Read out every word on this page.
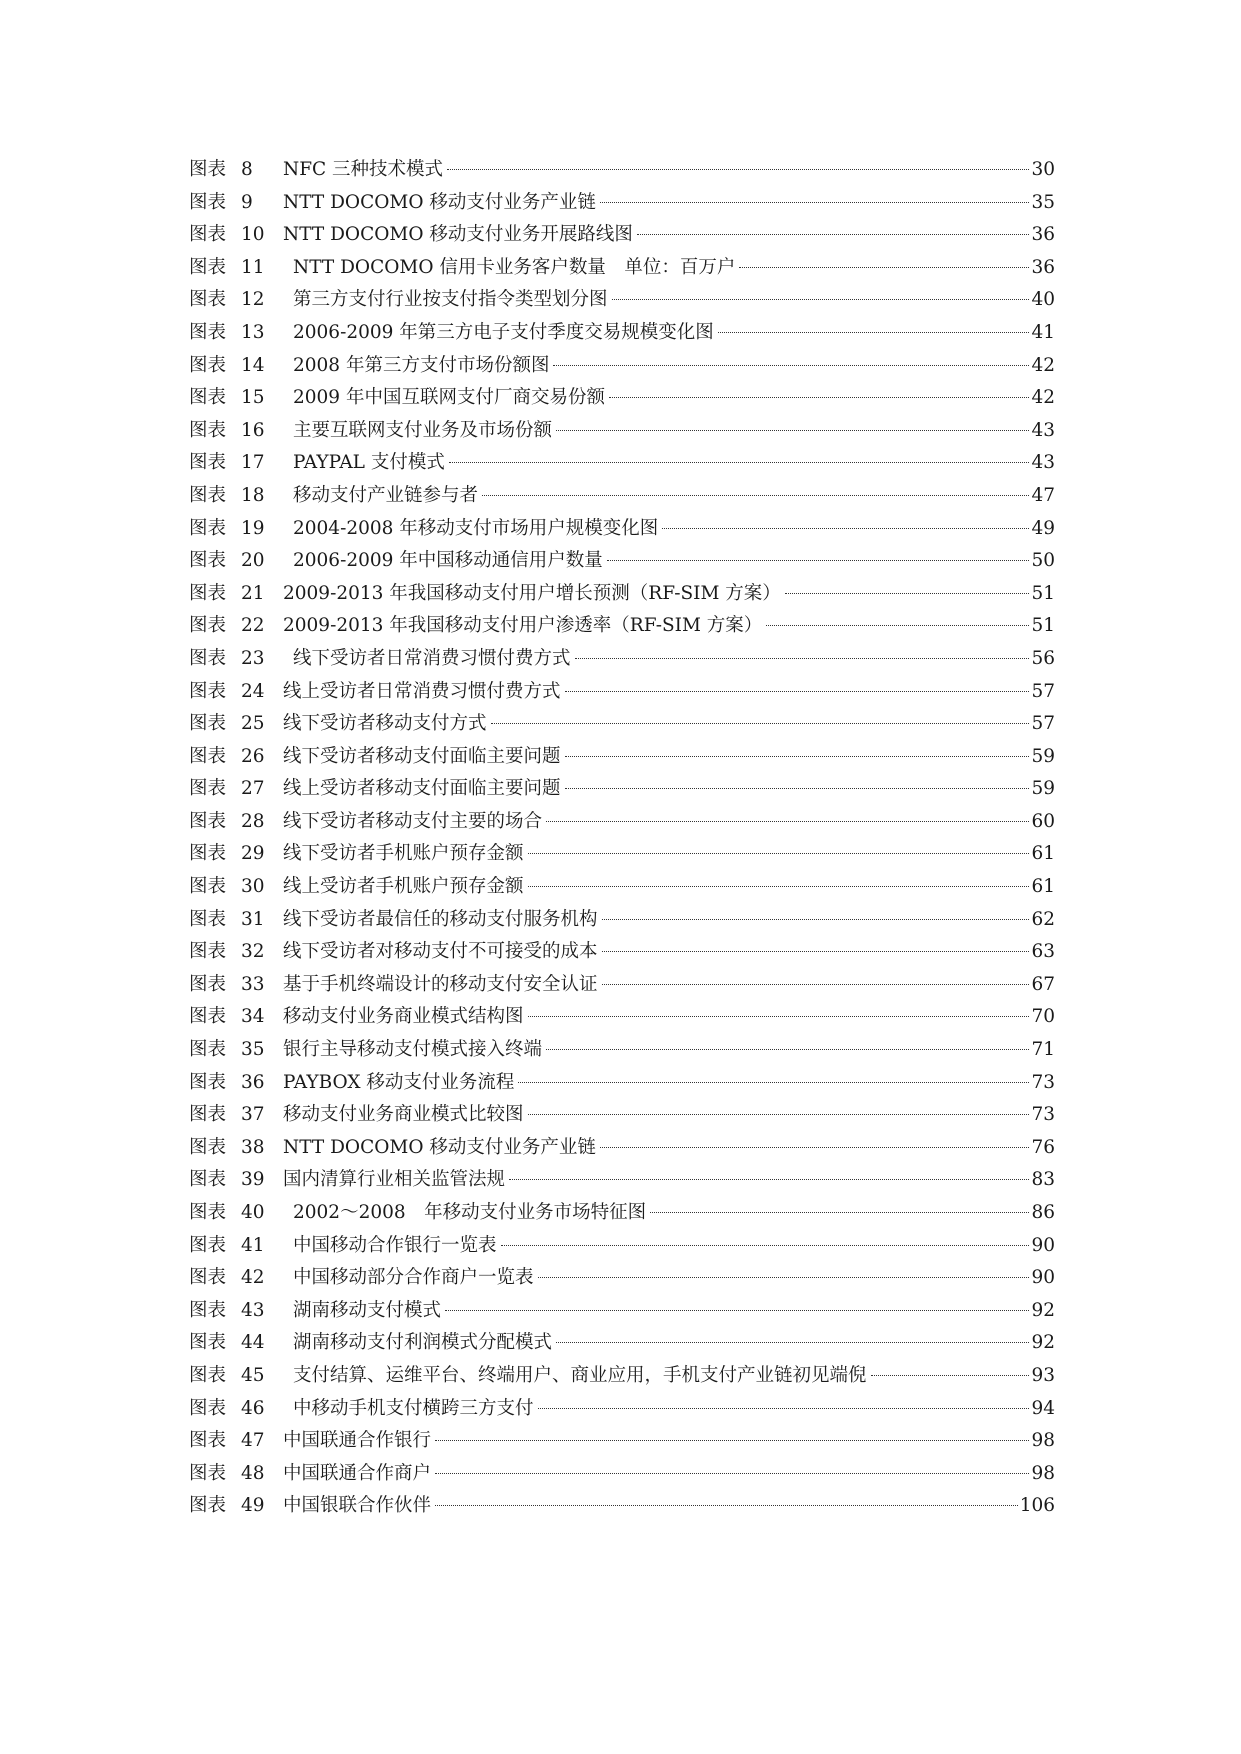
图表 8	NFC 三种技术模式	30
图表 9	NTT DOCOMO 移动支付业务产业链	35
图表 10 NTT DOCOMO 移动支付业务开展路线图	36
图表 11	NTT DOCOMO 信用卡业务客户数量　单位：百万户	36
图表 12	第三方支付行业按支付指令类型划分图	40
图表 13	2006-2009 年第三方电子支付季度交易规模变化图	41
图表 14	2008 年第三方支付市场份额图	42
图表 15	2009 年中国互联网支付厂商交易份额	42
图表 16	主要互联网支付业务及市场份额	43
图表 17	PAYPAL 支付模式	43
图表 18	移动支付产业链参与者	47
图表 19	2004-2008 年移动支付市场用户规模变化图	49
图表 20	2006-2009 年中国移动通信用户数量	50
图表 21 2009-2013 年我国移动支付用户增长预测（RF-SIM 方案）	51
图表 22 2009-2013 年我国移动支付用户渗透率（RF-SIM 方案）	51
图表 23	线下受访者日常消费习惯付费方式	56
图表 24 线上受访者日常消费习惯付费方式	57
图表 25 线下受访者移动支付方式	57
图表 26 线下受访者移动支付面临主要问题	59
图表 27 线上受访者移动支付面临主要问题	59
图表 28 线下受访者移动支付主要的场合	60
图表 29 线下受访者手机账户预存金额	61
图表 30 线上受访者手机账户预存金额	61
图表 31 线下受访者最信任的移动支付服务机构	62
图表 32 线下受访者对移动支付不可接受的成本	63
图表 33 基于手机终端设计的移动支付安全认证	67
图表 34 移动支付业务商业模式结构图	70
图表 35 银行主导移动支付模式接入终端	71
图表 36 PAYBOX 移动支付业务流程	73
图表 37 移动支付业务商业模式比较图	73
图表 38 NTT DOCOMO 移动支付业务产业链	76
图表 39 国内清算行业相关监管法规	83
图表 40	2002～2008　年移动支付业务市场特征图	86
图表 41	中国移动合作银行一览表	90
图表 42	中国移动部分合作商户一览表	90
图表 43	湖南移动支付模式	92
图表 44	湖南移动支付利润模式分配模式	92
图表 45	支付结算、运维平台、终端用户、商业应用，手机支付产业链初见端倪	93
图表 46	中移动手机支付横跨三方支付	94
图表 47 中国联通合作银行	98
图表 48 中国联通合作商户	98
图表 49 中国银联合作伙伴	106
